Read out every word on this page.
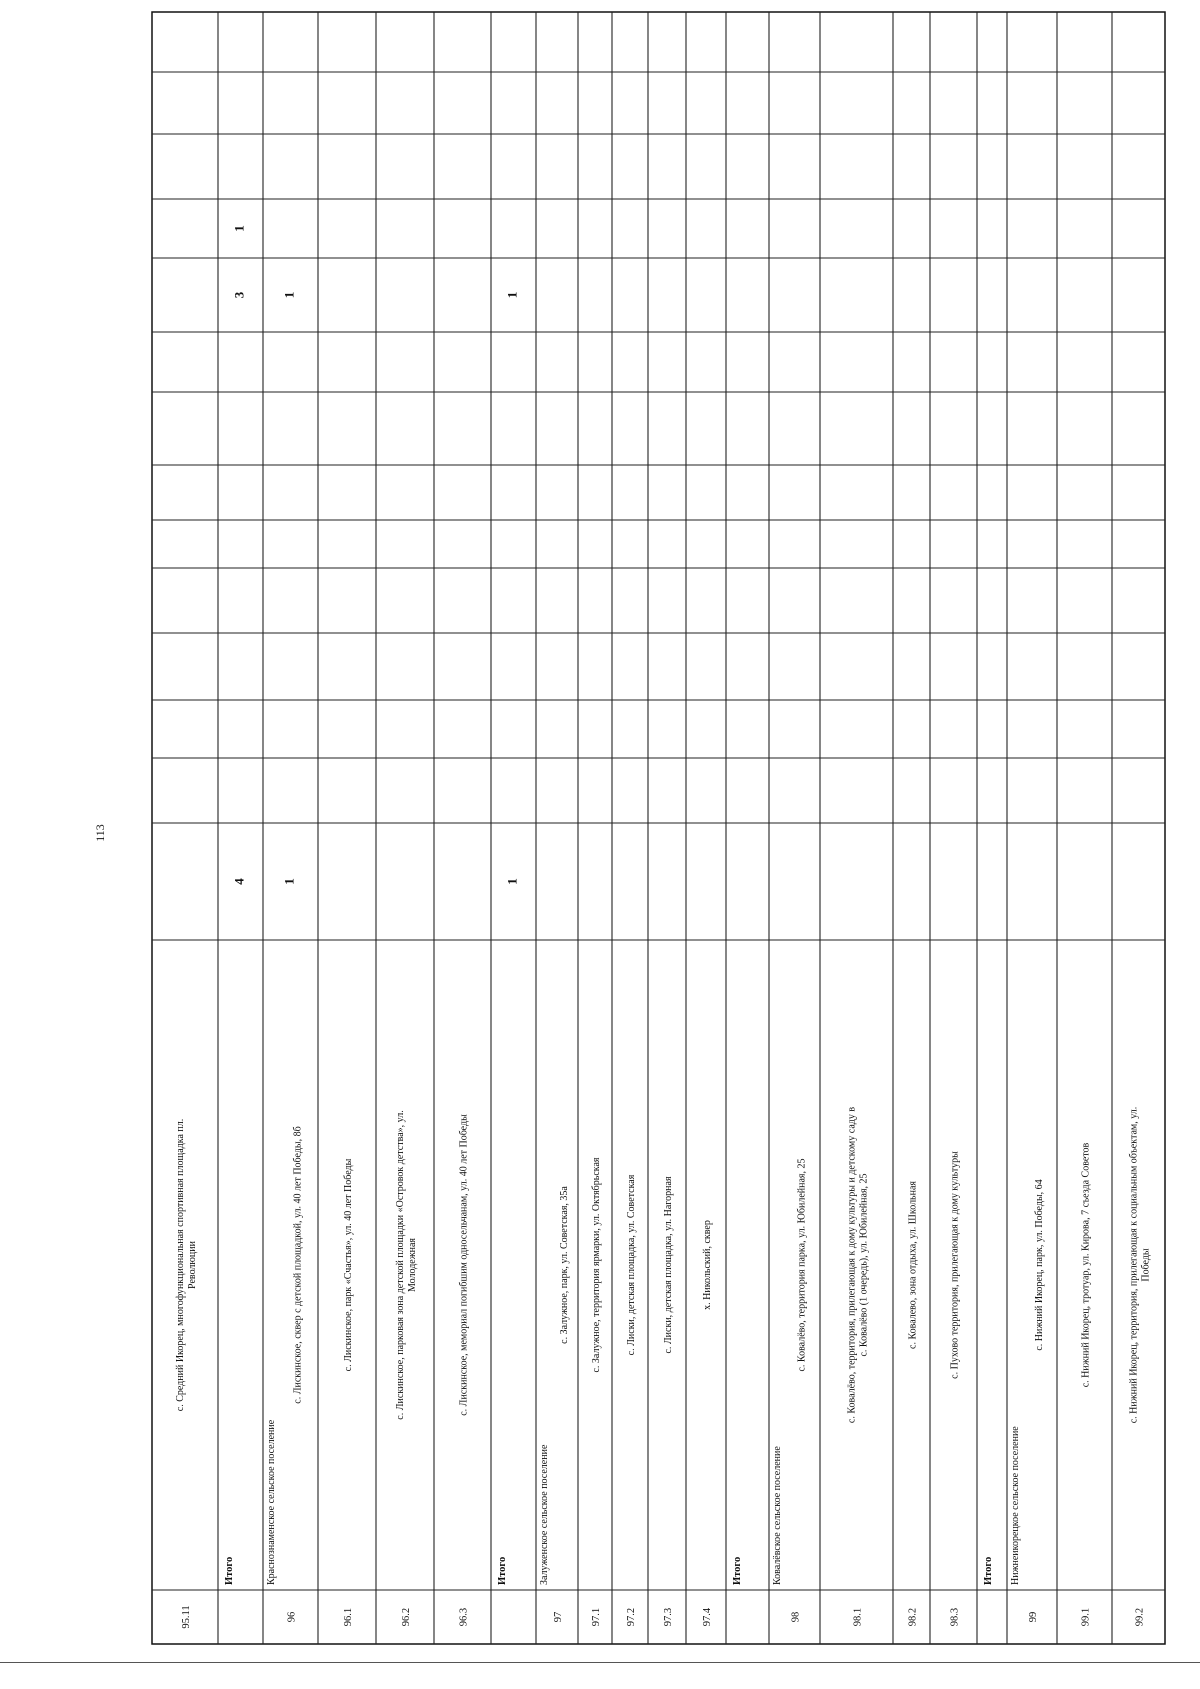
113
95.11
с. Средний Икорец, многофункциональная спортивная площадка пл. Революции
Итого
4
3
1
96
Краснознаменское сельское поселение
с. Лискинское, сквер с детской площадкой, ул. 40 лет Победы, 8б
1
1
96.1
с. Лискинское, парк «Счастья», ул. 40 лет Победы
96.2
с. Лискинское, парковая зона детской площадки «Островок детства», ул. Молодежная
96.3
с. Лискинское, мемориал погибшим односельчанам, ул. 40 лет Победы
Итого
1
1
97
Залуженское сельское поселение
с. Залужное, парк, ул. Советская, 35а
97.1
с. Залужное, территория ярмарки, ул. Октябрьская
97.2
с. Лиски, детская площадка, ул. Советская
97.3
с. Лиски, детская площадка, ул. Нагорная
97.4
х. Никольский, сквер
Итого
98
Ковалёвское сельское поселение
с. Ковалёво, территория парка, ул. Юбилейная, 25
98.1
с. Ковалёво, территория, прилегающая к дому культуры и детскому саду в с. Ковалёво (1 очередь), ул. Юбилейная, 25
98.2
с. Ковалево, зона отдыха, ул. Школьная
98.3
с. Пухово территория, прилегающая к дому культуры
Итого
99
Нижнеикорецкое сельское поселение
с. Нижний Икорец, парк, ул. Победы, 64
99.1
с. Нижний Икорец, тротуар, ул. Кирова, 7 съезда Советов
99.2
с. Нижний Икорец, территория, прилегающая к социальным объектам, ул. Победы
